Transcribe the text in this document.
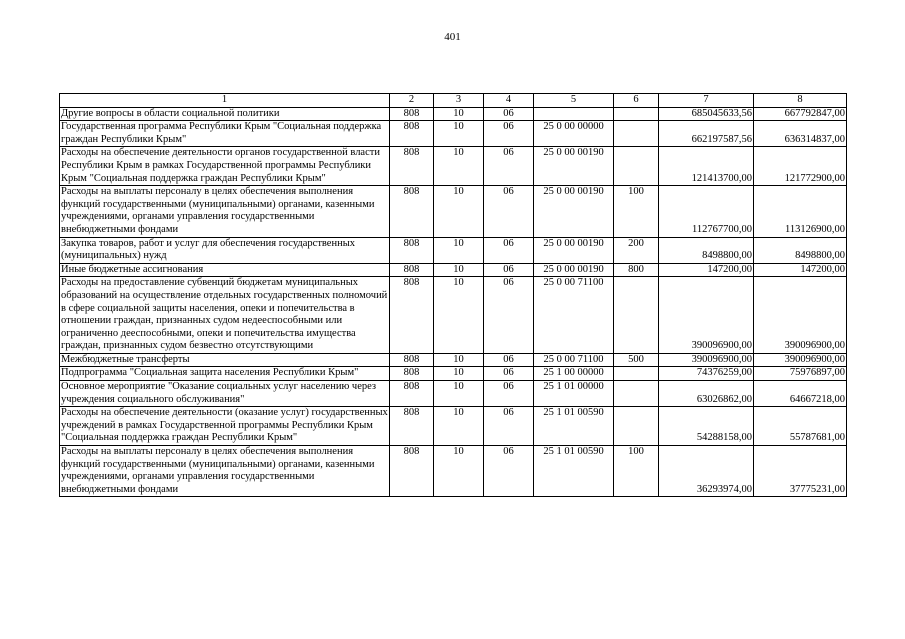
401
1	2	3	4	5	6	7	8
Другие вопросы в области социальной политики	808	10	06			685045633,56	667792847,00
Государственная программа Республики Крым "Социальная поддержка граждан Республики Крым"	808	10	06	25 0 00 00000		662197587,56	636314837,00
Расходы на обеспечение деятельности органов государственной власти Республики Крым в рамках Государственной программы Республики Крым "Социальная поддержка граждан Республики Крым"	808	10	06	25 0 00 00190		121413700,00	121772900,00
Расходы на выплаты персоналу в целях обеспечения выполнения функций государственными (муниципальными) органами, казенными учреждениями, органами управления государственными внебюджетными фондами	808	10	06	25 0 00 00190	100	112767700,00	113126900,00
Закупка товаров, работ и услуг для обеспечения государственных (муниципальных) нужд	808	10	06	25 0 00 00190	200	8498800,00	8498800,00
Иные бюджетные ассигнования	808	10	06	25 0 00 00190	800	147200,00	147200,00
Расходы на предоставление субвенций бюджетам муниципальных образований на осуществление отдельных государственных полномочий в сфере социальной защиты населения, опеки и попечительства в отношении граждан, признанных судом недееспособными или ограниченно дееспособными, опеки и попечительства имущества граждан, признанных судом безвестно отсутствующими	808	10	06	25 0 00 71100		390096900,00	390096900,00
Межбюджетные трансферты	808	10	06	25 0 00 71100	500	390096900,00	390096900,00
Подпрограмма "Социальная защита населения Республики Крым"	808	10	06	25 1 00 00000		74376259,00	75976897,00
Основное мероприятие "Оказание социальных услуг населению через учреждения социального обслуживания"	808	10	06	25 1 01 00000		63026862,00	64667218,00
Расходы на обеспечение деятельности (оказание услуг) государственных учреждений в рамках Государственной программы Республики Крым "Социальная поддержка граждан Республики Крым"	808	10	06	25 1 01 00590		54288158,00	55787681,00
Расходы на выплаты персоналу в целях обеспечения выполнения функций государственными (муниципальными) органами, казенными учреждениями, органами управления государственными внебюджетными фондами	808	10	06	25 1 01 00590	100	36293974,00	37775231,00
